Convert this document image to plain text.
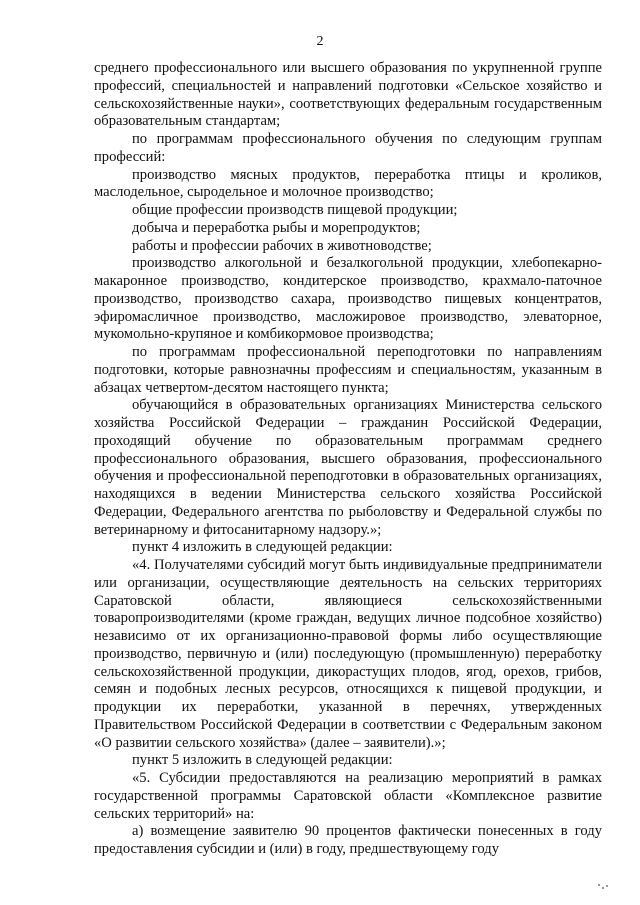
2

среднего профессионального или высшего образования по укрупненной группе профессий, специальностей и направлений подготовки «Сельское хозяйство и сельскохозяйственные науки», соответствующих федеральным государственным образовательным стандартам;

по программам профессионального обучения по следующим группам профессий:

производство мясных продуктов, переработка птицы и кроликов, маслодельное, сыродельное и молочное производство;

общие профессии производств пищевой продукции;

добыча и переработка рыбы и морепродуктов;

работы и профессии рабочих в животноводстве;

производство алкогольной и безалкогольной продукции, хлебопекарно-макаронное производство, кондитерское производство, крахмало-паточное производство, производство сахара, производство пищевых концентратов, эфиромасличное производство, масложировое производство, элеваторное, мукомольно-крупяное и комбикормовое производства;

по программам профессиональной переподготовки по направлениям подготовки, которые равнозначны профессиям и специальностям, указанным в абзацах четвертом-десятом настоящего пункта;

обучающийся в образовательных организациях Министерства сельского хозяйства Российской Федерации – гражданин Российской Федерации, проходящий обучение по образовательным программам среднего профессионального образования, высшего образования, профессионального обучения и профессиональной переподготовки в образовательных организациях, находящихся в ведении Министерства сельского хозяйства Российской Федерации, Федерального агентства по рыболовству и Федеральной службы по ветеринарному и фитосанитарному надзору.»;

пункт 4 изложить в следующей редакции:

«4. Получателями субсидий могут быть индивидуальные предприниматели или организации, осуществляющие деятельность на сельских территориях Саратовской области, являющиеся сельскохозяйственными товаропроизводителями (кроме граждан, ведущих личное подсобное хозяйство) независимо от их организационно-правовой формы либо осуществляющие производство, первичную и (или) последующую (промышленную) переработку сельскохозяйственной продукции, дикорастущих плодов, ягод, орехов, грибов, семян и подобных лесных ресурсов, относящихся к пищевой продукции, и продукции их переработки, указанной в перечнях, утвержденных Правительством Российской Федерации в соответствии с Федеральным законом «О развитии сельского хозяйства» (далее – заявители).»;

пункт 5 изложить в следующей редакции:

«5. Субсидии предоставляются на реализацию мероприятий в рамках государственной программы Саратовской области «Комплексное развитие сельских территорий» на:

а) возмещение заявителю 90 процентов фактически понесенных в году предоставления субсидии и (или) в году, предшествующему году
